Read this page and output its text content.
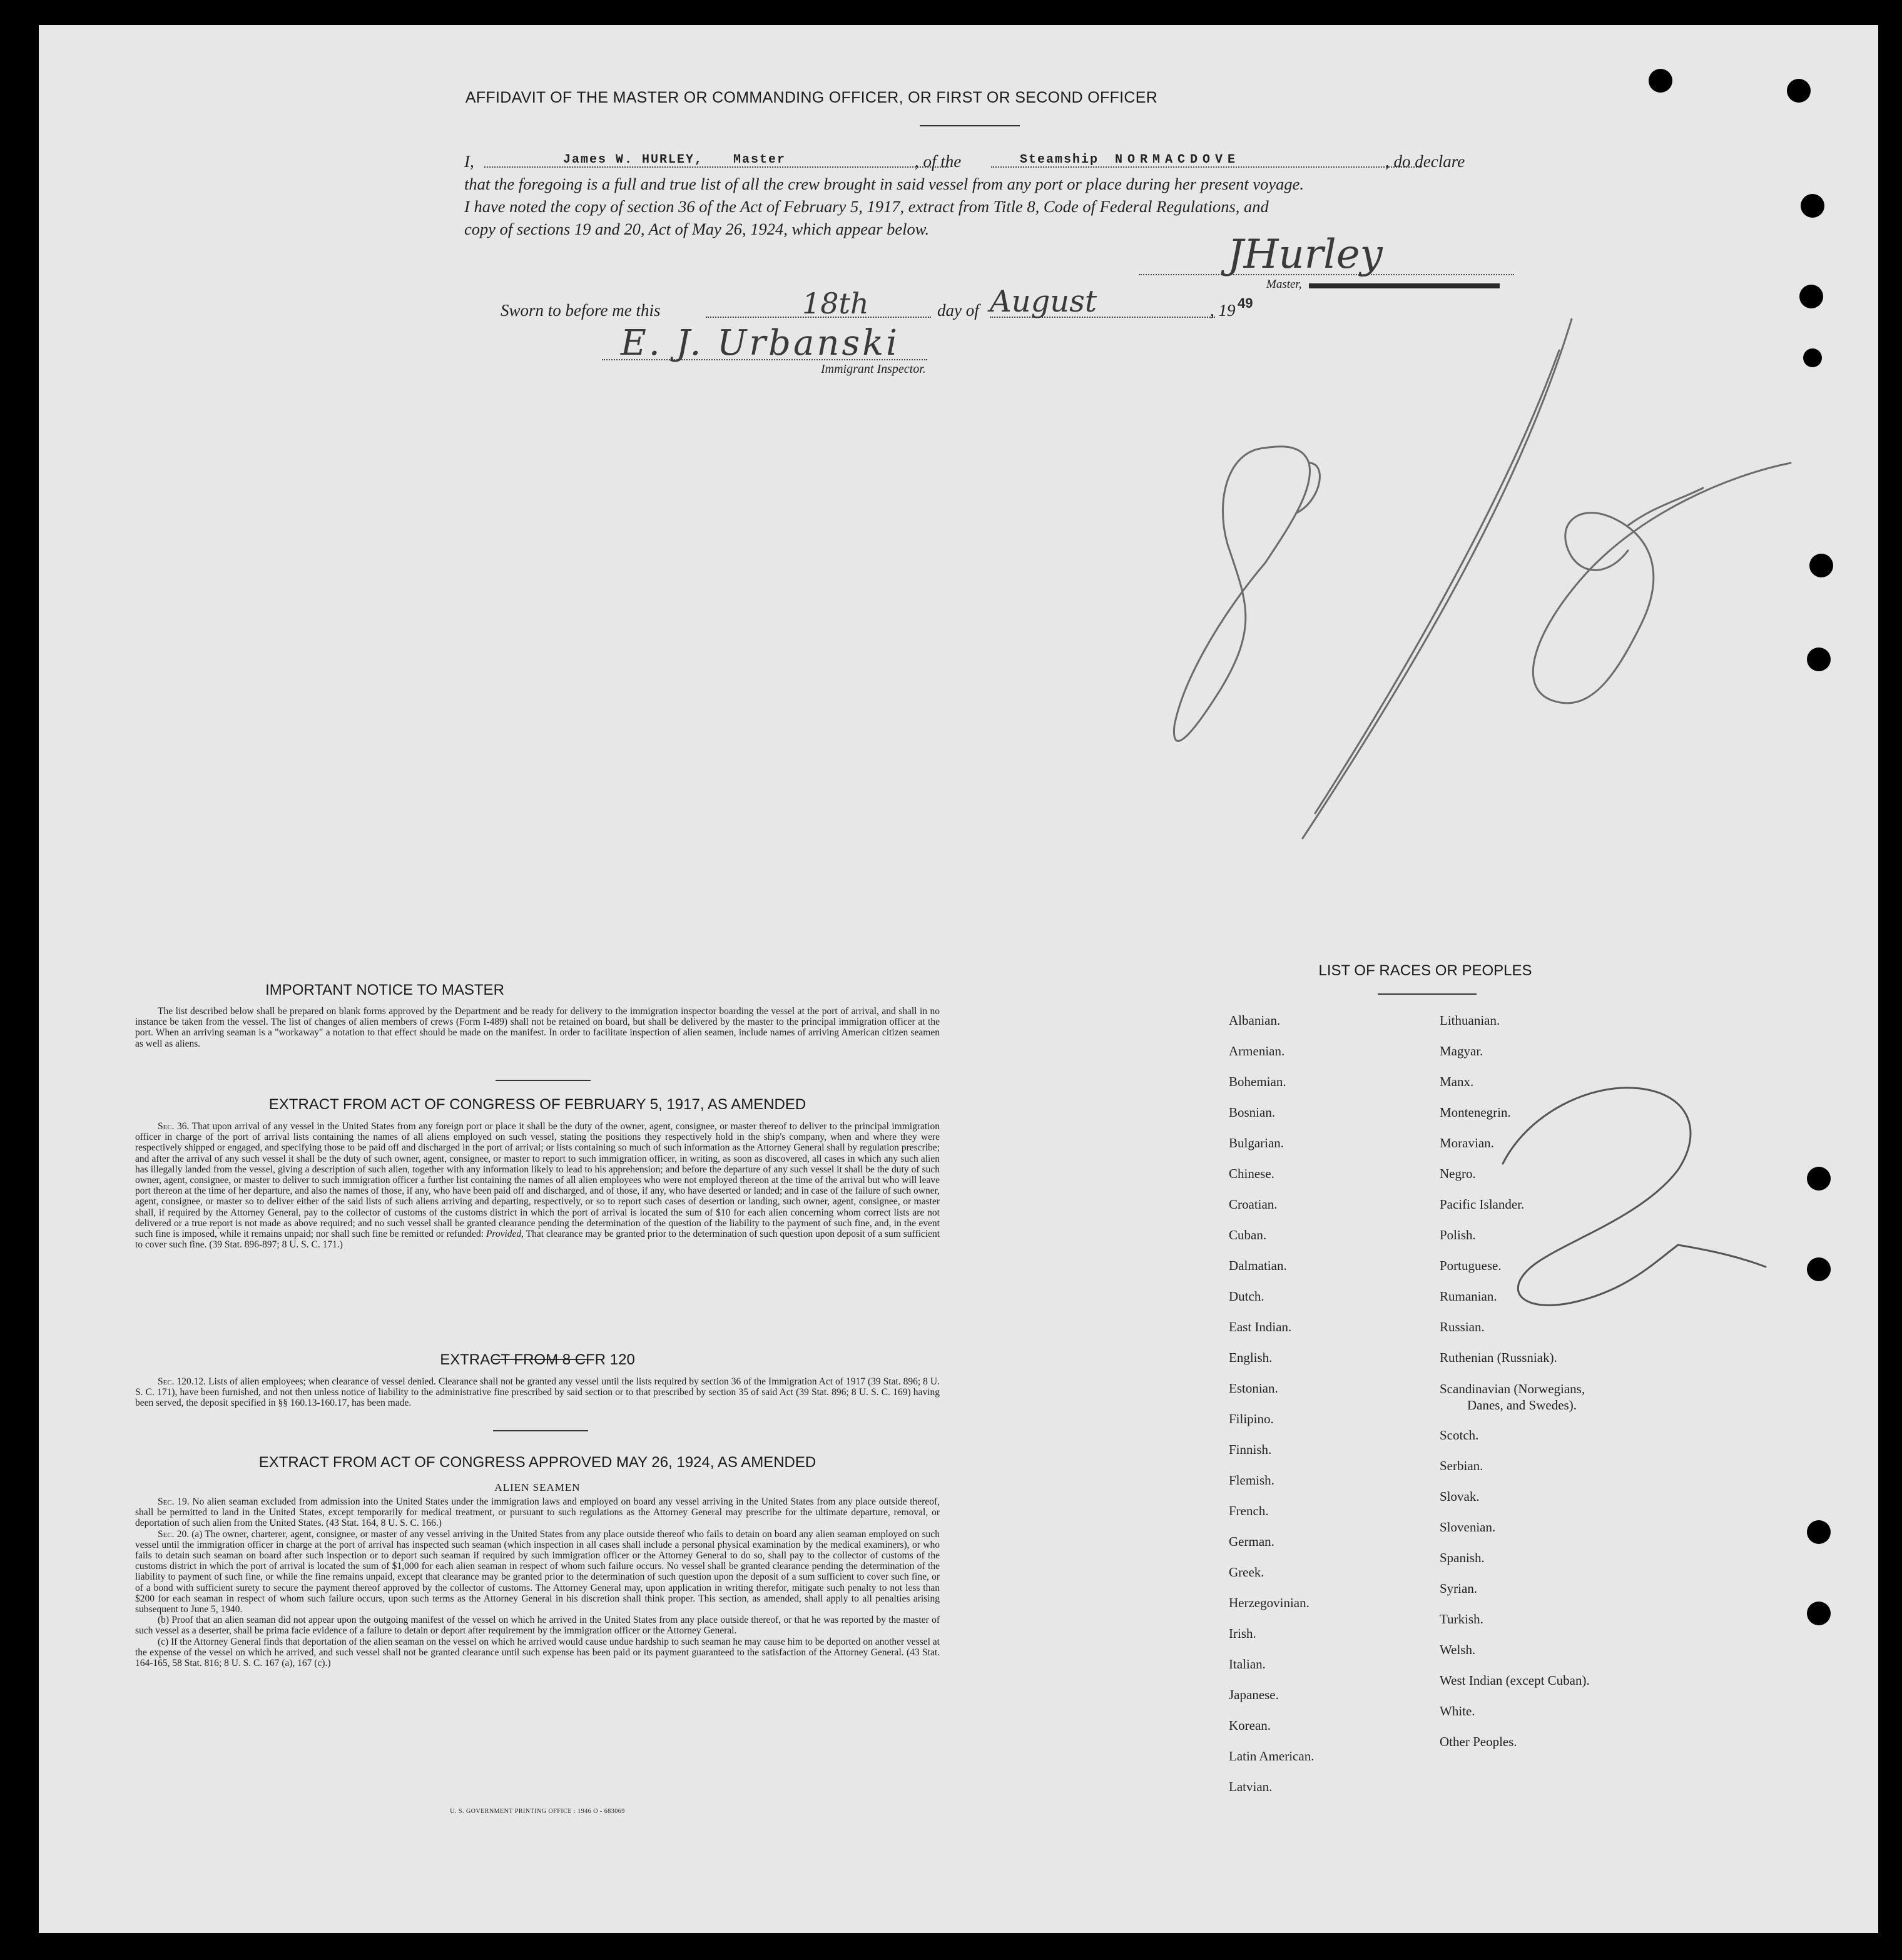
AFFIDAVIT OF THE MASTER OR COMMANDING OFFICER, OR FIRST OR SECOND OFFICER
I,	James W. HURLEY, Master	, of the	Steamship NORMACDOVE	, do declare
that the foregoing is a full and true list of all the crew brought in said vessel from any port or place during her present voyage.
I have noted the copy of section 36 of the Act of February 5, 1917, extract from Title 8, Code of Federal Regulations, and
copy of sections 19 and 20, Act of May 26, 1924, which appear below.
JHurley
Master,
Sworn to before me this	18th	day of August	, 19 49
E. J. Urbanski
Immigrant Inspector.
IMPORTANT NOTICE TO MASTER

The list described below shall be prepared on blank forms approved by the Department and be ready for delivery to the immigration inspector boarding the vessel at the port of arrival, and shall in no instance be taken from the vessel. The list of changes of alien members of crews (Form I-489) shall not be retained on board, but shall be delivered by the master to the principal immigration officer at the port. When an arriving seaman is a "workaway" a notation to that effect should be made on the manifest. In order to facilitate inspection of alien seamen, include names of arriving American citizen seamen as well as aliens.

EXTRACT FROM ACT OF CONGRESS OF FEBRUARY 5, 1917, AS AMENDED

Sec. 36. That upon arrival of any vessel in the United States from any foreign port or place it shall be the duty of the owner, agent, consignee, or master thereof to deliver to the principal immigration officer in charge of the port of arrival lists containing the names of all aliens employed on such vessel, stating the positions they respectively hold in the ship's company, when and where they were respectively shipped or engaged, and specifying those to be paid off and discharged in the port of arrival; or lists containing so much of such information as the Attorney General shall by regulation prescribe; and after the arrival of any such vessel it shall be the duty of such owner, agent, consignee, or master to report to such immigration officer, in writing, as soon as discovered, all cases in which any such alien has illegally landed from the vessel, giving a description of such alien, together with any information likely to lead to his apprehension; and before the departure of any such vessel it shall be the duty of such owner, agent, consignee, or master to deliver to such immigration officer a further list containing the names of all alien employees who were not employed thereon at the time of the arrival but who will leave port thereon at the time of her departure, and also the names of those, if any, who have been paid off and discharged, and of those, if any, who have deserted or landed; and in case of the failure of such owner, agent, consignee, or master so to deliver either of the said lists of such aliens arriving and departing, respectively, or so to report such cases of desertion or landing, such owner, agent, consignee, or master shall, if required by the Attorney General, pay to the collector of customs of the customs district in which the port of arrival is located the sum of $10 for each alien concerning whom correct lists are not delivered or a true report is not made as above required; and no such vessel shall be granted clearance pending the determination of the question of the liability to the payment of such fine, and, in the event such fine is imposed, while it remains unpaid; nor shall such fine be remitted or refunded: Provided, That clearance may be granted prior to the determination of such question upon deposit of a sum sufficient to cover such fine. (39 Stat. 896-897; 8 U. S. C. 171.)

EXTRACT FROM 8 CFR 120

Sec. 120.12. Lists of alien employees; when clearance of vessel denied. Clearance shall not be granted any vessel until the lists required by section 36 of the Immigration Act of 1917 (39 Stat. 896; 8 U. S. C. 171), have been furnished, and not then unless notice of liability to the administrative fine prescribed by said section or to that prescribed by section 35 of said Act (39 Stat. 896; 8 U. S. C. 169) having been served, the deposit specified in §§ 160.13-160.17, has been made.

EXTRACT FROM ACT OF CONGRESS APPROVED MAY 26, 1924, AS AMENDED
ALIEN SEAMEN

Sec. 19. No alien seaman excluded from admission into the United States under the immigration laws and employed on board any vessel arriving in the United States from any place outside thereof, shall be permitted to land in the United States, except temporarily for medical treatment, or pursuant to such regulations as the Attorney General may prescribe for the ultimate departure, removal, or deportation of such alien from the United States. (43 Stat. 164, 8 U. S. C. 166.)

Sec. 20. (a) The owner, charterer, agent, consignee, or master of any vessel arriving in the United States from any place outside thereof who fails to detain on board any alien seaman employed on such vessel until the immigration officer in charge at the port of arrival has inspected such seaman (which inspection in all cases shall include a personal physical examination by the medical examiners), or who fails to detain such seaman on board after such inspection or to deport such seaman if required by such immigration officer or the Attorney General to do so, shall pay to the collector of customs of the customs district in which the port of arrival is located the sum of $1,000 for each alien seaman in respect of whom such failure occurs. No vessel shall be granted clearance pending the determination of the liability to payment of such fine, or while the fine remains unpaid, except that clearance may be granted prior to the determination of such question upon the deposit of a sum sufficient to cover such fine, or of a bond with sufficient surety to secure the payment thereof approved by the collector of customs. The Attorney General may, upon application in writing therefor, mitigate such penalty to not less than $200 for each seaman in respect of whom such failure occurs, upon such terms as the Attorney General in his discretion shall think proper. This section, as amended, shall apply to all penalties arising subsequent to June 5, 1940.

(b) Proof that an alien seaman did not appear upon the outgoing manifest of the vessel on which he arrived in the United States from any place outside thereof, or that he was reported by the master of such vessel as a deserter, shall be prima facie evidence of a failure to detain or deport after requirement by the immigration officer or the Attorney General.

(c) If the Attorney General finds that deportation of the alien seaman on the vessel on which he arrived would cause undue hardship to such seaman he may cause him to be deported on another vessel at the expense of the vessel on which he arrived, and such vessel shall not be granted clearance until such expense has been paid or its payment guaranteed to the satisfaction of the Attorney General. (43 Stat. 164-165, 58 Stat. 816; 8 U. S. C. 167 (a), 167 (c).)

U. S. GOVERNMENT PRINTING OFFICE : 1946 O - 683069
LIST OF RACES OR PEOPLES
Albanian.
Armenian.
Bohemian.
Bosnian.
Bulgarian.
Chinese.
Croatian.
Cuban.
Dalmatian.
Dutch.
East Indian.
English.
Estonian.
Filipino.
Finnish.
Flemish.
French.
German.
Greek.
Herzegovinian.
Irish.
Italian.
Japanese.
Korean.
Latin American.
Latvian.
Lithuanian.
Magyar.
Manx.
Montenegrin.
Moravian.
Negro.
Pacific Islander.
Polish.
Portuguese.
Rumanian.
Russian.
Ruthenian (Russniak).
Scandinavian (Norwegians,
Danes, and Swedes).
Scotch.
Serbian.
Slovak.
Slovenian.
Spanish.
Syrian.
Turkish.
Welsh.
West Indian (except Cuban).
White.
Other Peoples.
